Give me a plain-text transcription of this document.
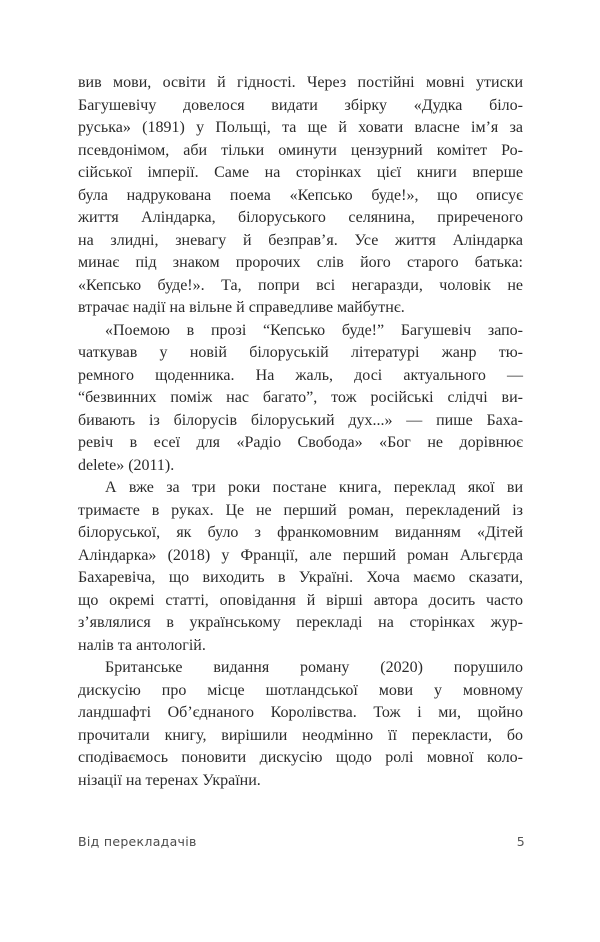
вив мови, освіти й гідності. Через постійні мовні утиски
Багушевічу довелося видати збірку «Дудка біло-
руська» (1891) у Польщі, та ще й ховати власне ім’я за
псевдонімом, аби тільки оминути цензурний комітет Ро-
сійської імперії. Саме на сторінках цієї книги вперше
була надрукована поема «Кепсько буде!», що описує
життя Аліндарка, білоруського селянина, приреченого
на злидні, зневагу й безправ’я. Усе життя Аліндарка
минає під знаком пророчих слів його старого батька:
«Кепсько буде!». Та, попри всі негаразди, чоловік не
втрачає надії на вільне й справедливе майбутнє.
«Поемою в прозі “Кепсько буде!” Багушевіч запо-
чаткував у новій білоруській літературі жанр тю-
ремного щоденника. На жаль, досі актуального —
“безвинних поміж нас багато”, тож російські слідчі ви-
бивають із білорусів білоруський дух...» — пише Баха-
ревіч в есеї для «Радіо Свобода» «Бог не дорівнює
delete» (2011).
А вже за три роки постане книга, переклад якої ви
тримаєте в руках. Це не перший роман, перекладений із
білоруської, як було з франкомовним виданням «Дітей
Аліндарка» (2018) у Франції, але перший роман Альгєрда
Бахаревіча, що виходить в Україні. Хоча маємо сказати,
що окремі статті, оповідання й вірші автора досить часто
з’являлися в українському перекладі на сторінках жур-
налів та антологій.
Британське видання роману (2020) порушило
дискусію про місце шотландської мови у мовному
ландшафті Об’єднаного Королівства. Тож і ми, щойно
прочитали книгу, вирішили неодмінно її перекласти, бо
сподіваємось поновити дискусію щодо ролі мовної коло-
нізації на теренах України.
Від перекладачів	5
